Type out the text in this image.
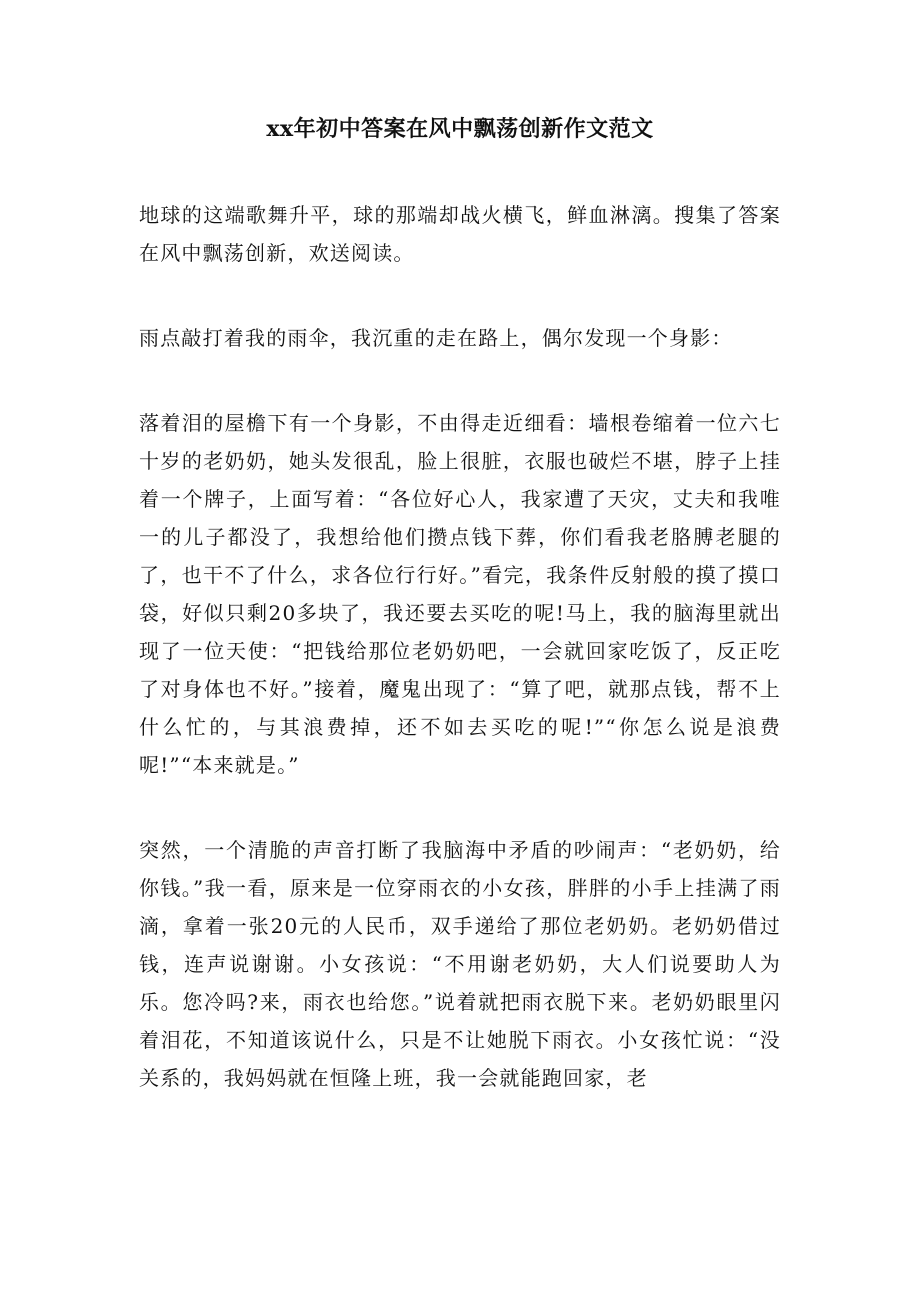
xx年初中答案在风中飘荡创新作文范文

地球的这端歌舞升平，球的那端却战火横飞，鲜血淋漓。搜集了答案在风中飘荡创新，欢送阅读。

雨点敲打着我的雨伞，我沉重的走在路上，偶尔发现一个身影：

落着泪的屋檐下有一个身影，不由得走近细看：墙根卷缩着一位六七十岁的老奶奶，她头发很乱，脸上很脏，衣服也破烂不堪，脖子上挂着一个牌子，上面写着：“各位好心人，我家遭了天灾，丈夫和我唯一的儿子都没了，我想给他们攒点钱下葬，你们看我老胳膊老腿的了，也干不了什么，求各位行行好。”看完，我条件反射般的摸了摸口袋，好似只剩20多块了，我还要去买吃的呢!马上，我的脑海里就出现了一位天使：“把钱给那位老奶奶吧，一会就回家吃饭了，反正吃了对身体也不好。”接着，魔鬼出现了：“算了吧，就那点钱，帮不上什么忙的，与其浪费掉，还不如去买吃的呢!”“你怎么说是浪费呢!”“本来就是。”

突然，一个清脆的声音打断了我脑海中矛盾的吵闹声：“老奶奶，给你钱。”我一看，原来是一位穿雨衣的小女孩，胖胖的小手上挂满了雨滴，拿着一张20元的人民币，双手递给了那位老奶奶。老奶奶借过钱，连声说谢谢。小女孩说：“不用谢老奶奶，大人们说要助人为乐。您冷吗?来，雨衣也给您。”说着就把雨衣脱下来。老奶奶眼里闪着泪花，不知道该说什么，只是不让她脱下雨衣。小女孩忙说：“没关系的，我妈妈就在恒隆上班，我一会就能跑回家，老
